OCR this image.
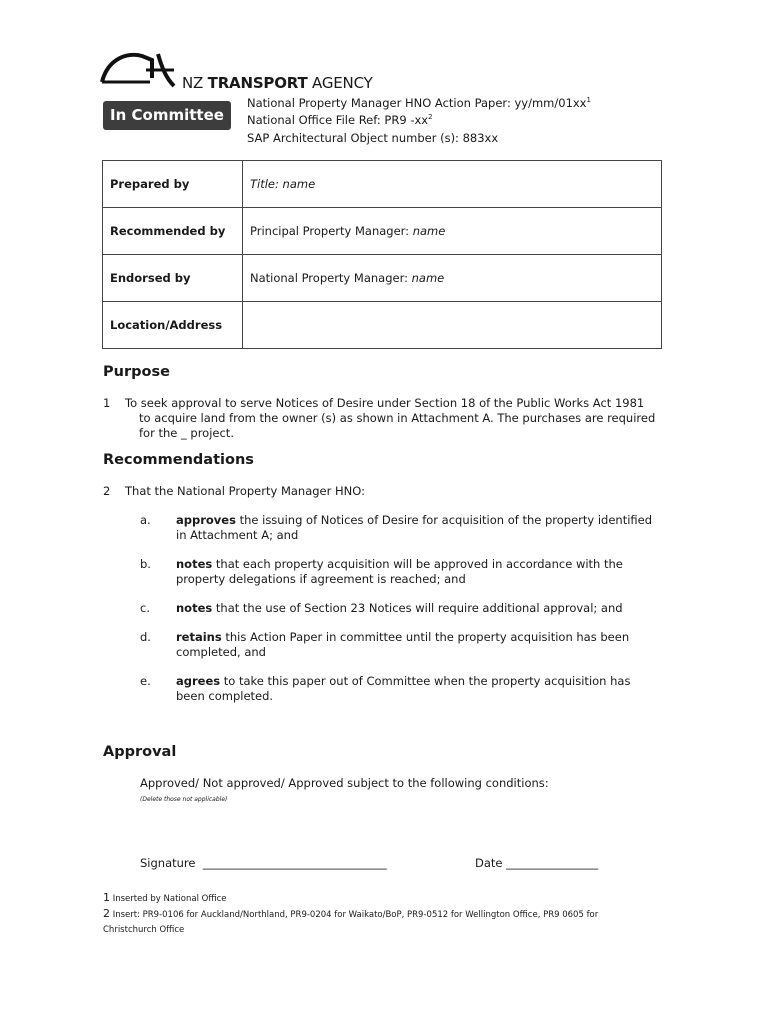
NZ TRANSPORT AGENCY
In Committee
National Property Manager HNO Action Paper: $yy/mm/01xx^1$
National Office File Ref: PR9 $-xx^2$
SAP Architectural Object number (s): 883xx
Prepared by	Title: name
Recommended by	Principal Property Manager: name
Endorsed by	National Property Manager: name
Location/Address	
Purpose
1 To seek approval to serve Notices of Desire under Section 18 of the Public Works Act 1981
to acquire land from the owner (s) as shown in Attachment A. The purchases are required
for the _ project.
Recommendations
2 That the National Property Manager HNO:
a. approves the issuing of Notices of Desire for acquisition of the property identified
in Attachment A; and
b. notes that each property acquisition will be approved in accordance with the
property delegations if agreement is reached; and
c. notes that the use of Section 23 Notices will require additional approval; and
d. retains this Action Paper in committee until the property acquisition has been
completed, and
e. agrees to take this paper out of Committee when the property acquisition has
been completed.
Approval
Approved/ Not approved/ Approved subject to the following conditions:
(Delete those not applicable)
Signature  ________________________________	Date ________________
1 Inserted by National Office
2 Insert: PR9-0106 for Auckland/Northland, PR9-0204 for Waikato/BoP, PR9-0512 for Wellington Office, PR9 0605 for
Christchurch Office
